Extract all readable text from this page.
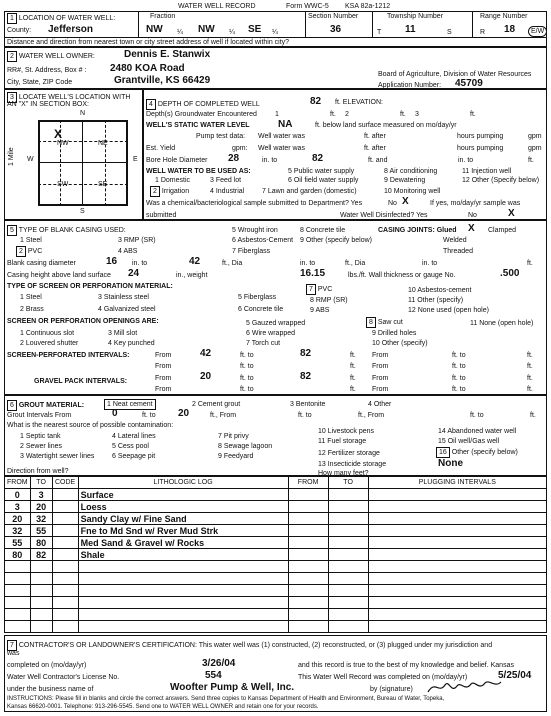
WATER WELL RECORD	Form WWC-5 KSA 82a-1212
1 LOCATION OF WATER WELL:
County: Jefferson
Fraction
NW ¼ NW ¼ SE ¼
Section Number
36
Township Number
T 11	S
Range Number
R 18	E/W
Distance and direction from nearest town or city street address of well if located within city?
2 WATER WELL OWNER:	Dennis E. Stanwix
RR#, St. Address, Box # : 2480 KOA Road
City, State, ZIP Code	Grantville, KS 66429
Board of Agriculture, Division of Water Resources
Application Number: 45709
3 LOCATE WELL'S LOCATION WITH
AN "X" IN SECTION BOX:
N
S
W	E
1 Mile
NW	NE
SW	SE
X
4 DEPTH OF COMPLETED WELL	82 ft. ELEVATION:
Depth(s) Groundwater Encountered	1	ft. 2	ft. 3	ft.
WELL'S STATIC WATER LEVEL	NA	ft. below land surface measured on mo/day/yr
Pump test data: Well water was	ft. after	hours pumping	gpm
Est. Yield	gpm: Well water was	ft. after	hours pumping	gpm
Bore Hole Diameter 28	in. to	82	ft. and	in. to	ft.
WELL WATER TO BE USED AS:	5 Public water supply	8 Air conditioning	11 Injection well
1 Domestic	3 Feed lot	6 Oil field water supply	9 Dewatering	12 Other (Specify below)
2 Irrigation	4 Industrial	7 Lawn and garden (domestic)	10 Monitoring well
Was a chemical/bacteriological sample submitted to Department? Yes	No X	If yes, mo/day/yr sample was
submitted	Water Well Disinfected? Yes	No	X
5 TYPE OF BLANK CASING USED:	5 Wrought iron	8 Concrete tile	CASING JOINTS: Glued X Clamped
1 Steel	3 RMP (SR)	6 Asbestos-Cement 9 Other (specify below)	Welded
2 PVC	4 ABS	7 Fiberglass	Threaded
Blank casing diameter	16 in. to	42	ft., Dia	in. to	ft., Dia	in. to	ft.
Casing height above land surface 24	in., weight	16.15	lbs./ft. Wall thickness or gauge No.	.500
TYPE OF SCREEN OR PERFORATION MATERIAL:
1 Steel	3 Stainless steel	5 Fiberglass
7 PVC	10 Asbestos-cement
8 RMP (SR)	11 Other (specify)
2 Brass	4 Galvanized steel	6 Concrete tile	9 ABS	12 None used (open hole)
SCREEN OR PERFORATION OPENINGS ARE:	5 Gauzed wrapped	8 Saw cut	11 None (open hole)
1 Continuous slot	3 Mill slot	6 Wire wrapped	9 Drilled holes
2 Louvered shutter	4 Key punched	7 Torch cut	10 Other (specify)
SCREEN-PERFORATED INTERVALS:	From	42	ft. to	82	ft. From	ft. to	ft.
From	ft. to	ft. From	ft. to	ft.
GRAVEL PACK INTERVALS:	From	20	ft. to	82	ft. From	ft. to	ft.
From	ft. to	ft. From	ft. to	ft.
6 GROUT MATERIAL:	1 Neat cement	2 Cement grout	3 Bentonite	4 Other
Grout Intervals From	0	ft. to 20	ft., From	ft. to	ft., From	ft. to	ft.
What is the nearest source of possible contamination:
1 Septic tank	4 Lateral lines	7 Pit privy
10 Livestock pens	14 Abandoned water well
2 Sewer lines	5 Cess pool	8 Sewage lagoon
11 Fuel storage	15 Oil well/Gas well
3 Watertight sewer lines	6 Seepage pit	9 Feedyard	12 Fertilizer storage	16 Other (specify below)
13 Insecticide storage	None
Direction from well?	How many feet?
FROM	TO	CODE	LITHOLOGIC LOG	FROM	TO	PLUGGING INTERVALS
0	3		Surface			
3	20		Loess			
20	32		Sandy Clay w/ Fine Sand			
32	55		Fne to Md Snd w/ Rver Mud Strk			
55	80		Med Sand & Gravel w/ Rocks			
80	82		Shale			

7 CONTRACTOR'S OR LANDOWNER'S CERTIFICATION: This water well was (1) constructed, (2) reconstructed, or (3) plugged under my jurisdiction and
was
completed on (mo/day/yr)	3/26/04	and this record is true to the best of my knowledge and belief. Kansas
Water Well Contractor's License No.	554	This Water Well Record was completed on (mo/day/yr)	5/25/04
under the business name of	Woofter Pump & Well, Inc.	by (signature)
INSTRUCTIONS: Please fill in blanks and circle the correct answers. Send three copies to Kansas Department of Health and Environment, Bureau of Water, Topeka,
Kansas 66620-0001. Telephone: 913-296-5545. Send one to WATER WELL OWNER and retain one for your records.
